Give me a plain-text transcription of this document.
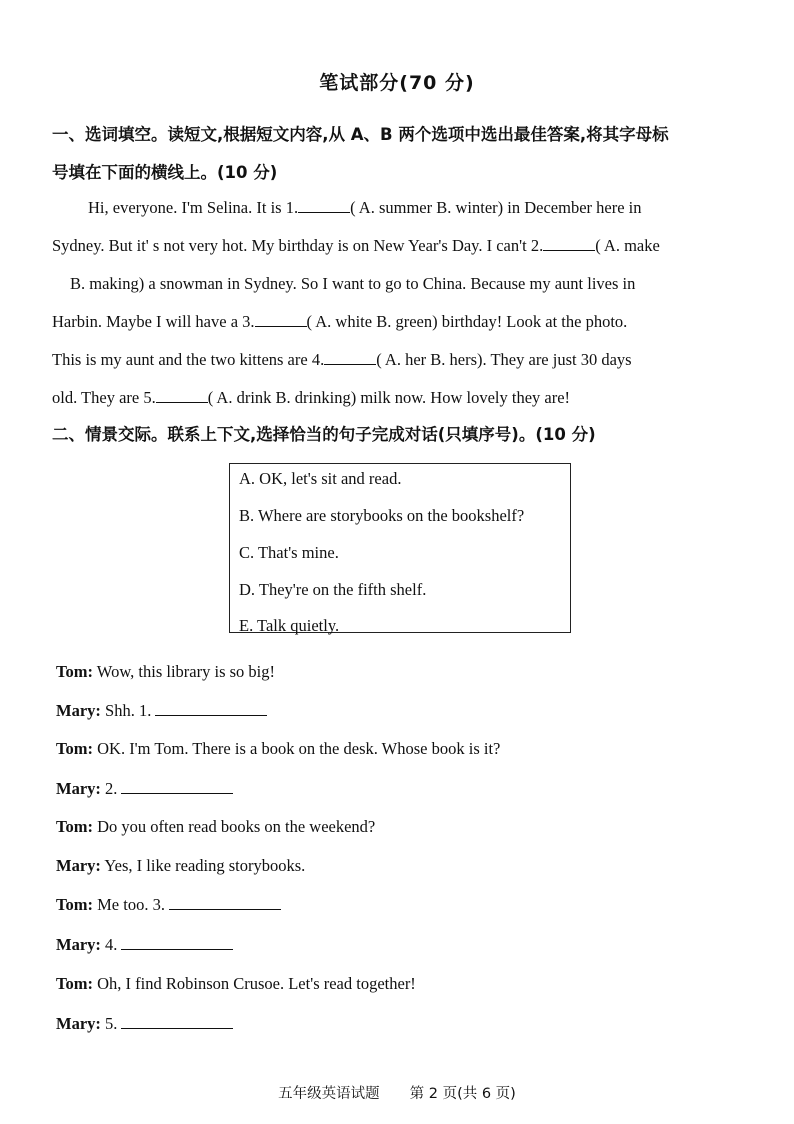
笔试部分(70 分)
一、选词填空。读短文,根据短文内容,从 A、B 两个选项中选出最佳答案,将其字母标
号填在下面的横线上。(10 分)
Hi, everyone. I'm Selina. It is 1.	( A. summer B. winter) in December here in
Sydney. But it' s not very hot. My birthday is on New Year's Day. I can't 2.	( A. make
B. making) a snowman in Sydney. So I want to go to China. Because my aunt lives in
Harbin. Maybe I will have a 3.	( A. white B. green) birthday! Look at the photo.
This is my aunt and the two kittens are 4.	( A. her B. hers). They are just 30 days
old. They are 5.	( A. drink B. drinking) milk now. How lovely they are!
二、情景交际。联系上下文,选择恰当的句子完成对话(只填序号)。(10 分)
A. OK, let's sit and read.
B. Where are storybooks on the bookshelf?
C. That's mine.
D. They're on the fifth shelf.
E. Talk quietly.
Tom: Wow, this library is so big!
Mary: Shh. 1.
Tom: OK. I'm Tom. There is a book on the desk. Whose book is it?
Mary: 2.
Tom: Do you often read books on the weekend?
Mary: Yes, I like reading storybooks.
Tom: Me too. 3.
Mary: 4.
Tom: Oh, I find Robinson Crusoe. Let's read together!
Mary: 5.
五年级英语试题 第 2 页(共 6 页)
